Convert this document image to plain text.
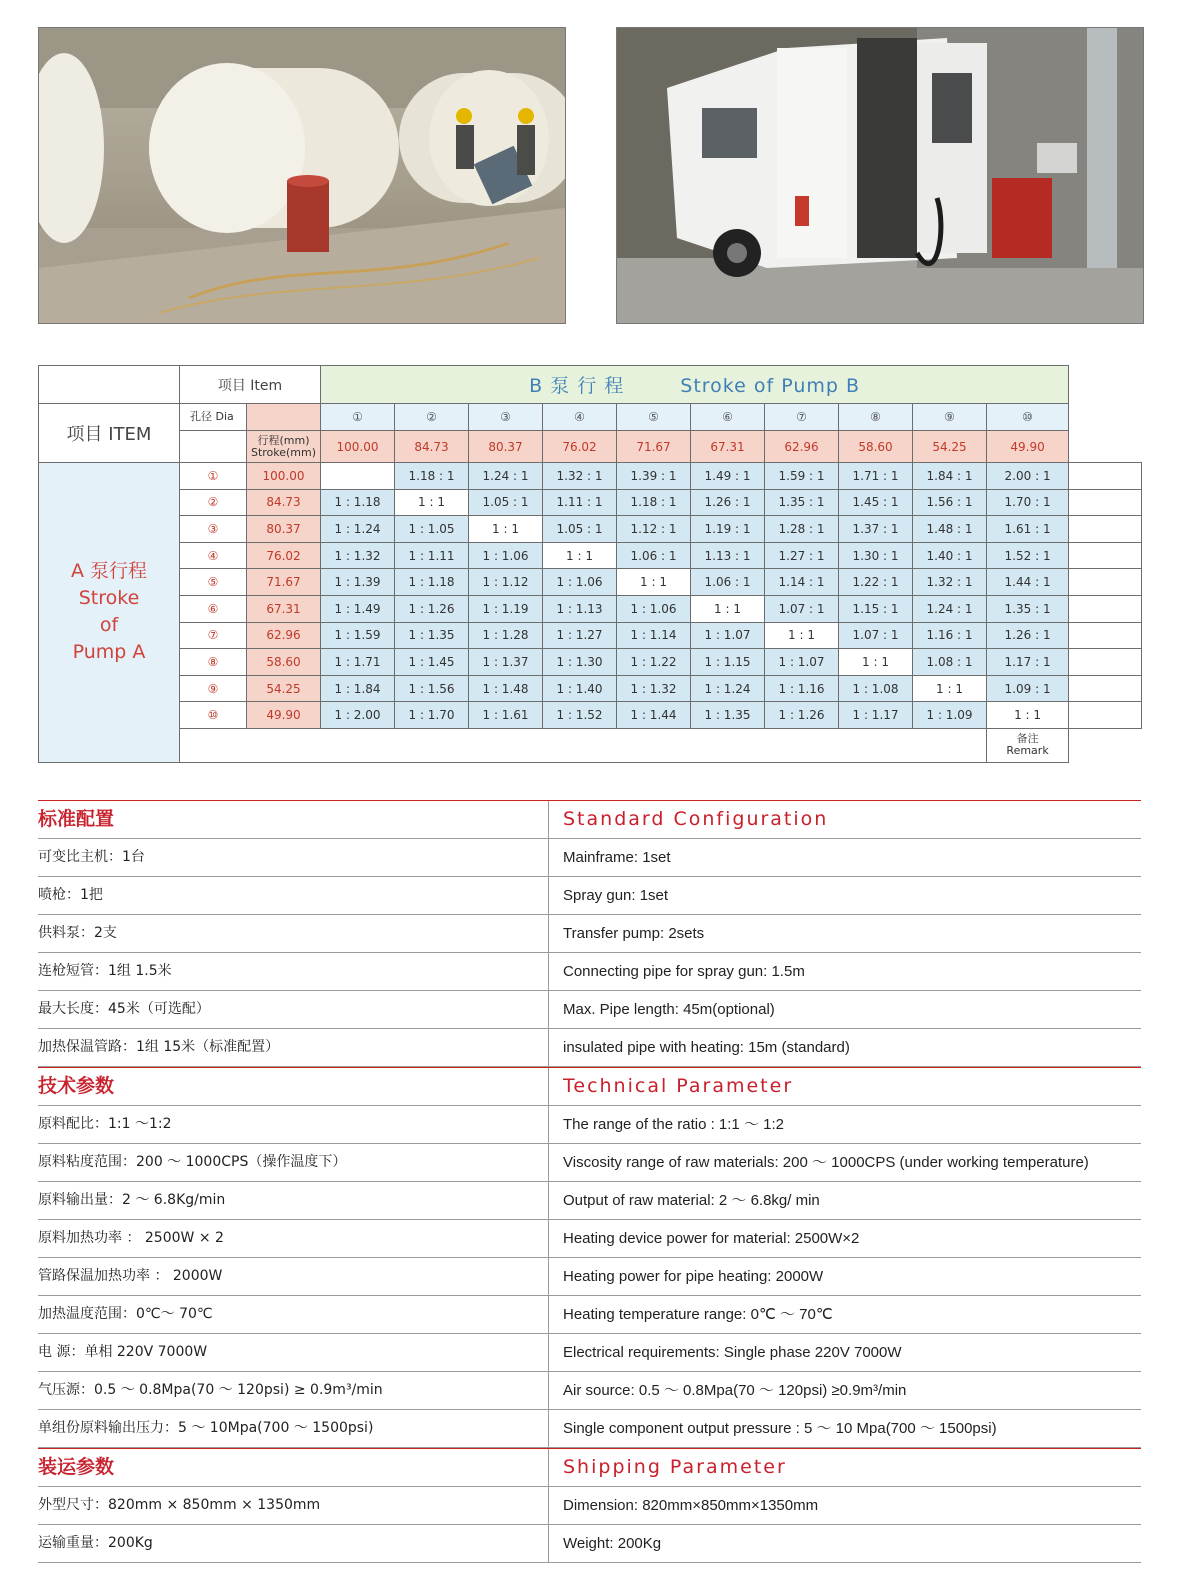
	项目 Item		B 泵 行 程 Stroke of Pump B										
项目 ITEM	孔径 Dia		①	②	③	④	⑤	⑥	⑦	⑧	⑨	⑩	

		行程(mm)
Stroke(mm)	100.00	84.73	80.37	76.02	71.67	67.31	62.96	58.60	54.25	49.90	

A 泵行程
Stroke
of
Pump A	①	100.00		1.18 : 1	1.24 : 1	1.32 : 1	1.39 : 1	1.49 : 1	1.59 : 1	1.71 : 1	1.84 : 1	2.00 : 1	
	②	84.73	1 : 1.18	1 : 1	1.05 : 1	1.11 : 1	1.18 : 1	1.26 : 1	1.35 : 1	1.45 : 1	1.56 : 1	1.70 : 1	
	③	80.37	1 : 1.24	1 : 1.05	1 : 1	1.05 : 1	1.12 : 1	1.19 : 1	1.28 : 1	1.37 : 1	1.48 : 1	1.61 : 1	
	④	76.02	1 : 1.32	1 : 1.11	1 : 1.06	1 : 1	1.06 : 1	1.13 : 1	1.27 : 1	1.30 : 1	1.40 : 1	1.52 : 1	
	⑤	71.67	1 : 1.39	1 : 1.18	1 : 1.12	1 : 1.06	1 : 1	1.06 : 1	1.14 : 1	1.22 : 1	1.32 : 1	1.44 : 1	
	⑥	67.31	1 : 1.49	1 : 1.26	1 : 1.19	1 : 1.13	1 : 1.06	1 : 1	1.07 : 1	1.15 : 1	1.24 : 1	1.35 : 1	
	⑦	62.96	1 : 1.59	1 : 1.35	1 : 1.28	1 : 1.27	1 : 1.14	1 : 1.07	1 : 1	1.07 : 1	1.16 : 1	1.26 : 1	
	⑧	58.60	1 : 1.71	1 : 1.45	1 : 1.37	1 : 1.30	1 : 1.22	1 : 1.15	1 : 1.07	1 : 1	1.08 : 1	1.17 : 1	
	⑨	54.25	1 : 1.84	1 : 1.56	1 : 1.48	1 : 1.40	1 : 1.32	1 : 1.24	1 : 1.16	1 : 1.08	1 : 1	1.09 : 1	
	⑩	49.90	1 : 2.00	1 : 1.70	1 : 1.61	1 : 1.52	1 : 1.44	1 : 1.35	1 : 1.26	1 : 1.17	1 : 1.09	1 : 1	

												备注
Remark	
标准配置	Standard Configuration
可变比主机：1台	Mainframe: 1set
喷枪：1把	Spray gun: 1set
供料泵：2支	Transfer pump: 2sets
连枪短管：1组 1.5米	Connecting pipe for spray gun: 1.5m
最大长度：45米（可选配）	Max. Pipe length: 45m(optional)
加热保温管路：1组 15米（标准配置）	insulated pipe with heating: 15m (standard)
技术参数	Technical Parameter
原料配比：1:1 ～1:2	The range of the ratio : 1:1 ～ 1:2
原料粘度范围：200 ～ 1000CPS（操作温度下）	Viscosity range of raw materials: 200 ～ 1000CPS (under working temperature)
原料输出量：2 ～ 6.8Kg/min	Output of raw material: 2 ～ 6.8kg/ min
原料加热功率 ： 2500W × 2	Heating device power for material: 2500W×2
管路保温加热功率 ： 2000W	Heating power for pipe heating: 2000W
加热温度范围：0℃～ 70℃	Heating temperature range: 0℃ ～ 70℃
电 源：单相 220V 7000W	Electrical requirements: Single phase 220V 7000W
气压源：0.5 ～ 0.8Mpa(70 ～ 120psi) ≥ 0.9m³/min	Air source: 0.5 ～ 0.8Mpa(70 ～ 120psi) ≥0.9m³/min
单组份原料输出压力：5 ～ 10Mpa(700 ～ 1500psi)	Single component output pressure : 5 ～ 10 Mpa(700 ～ 1500psi)
装运参数	Shipping Parameter
外型尺寸：820mm × 850mm × 1350mm	Dimension: 820mm×850mm×1350mm
运输重量：200Kg	Weight: 200Kg
